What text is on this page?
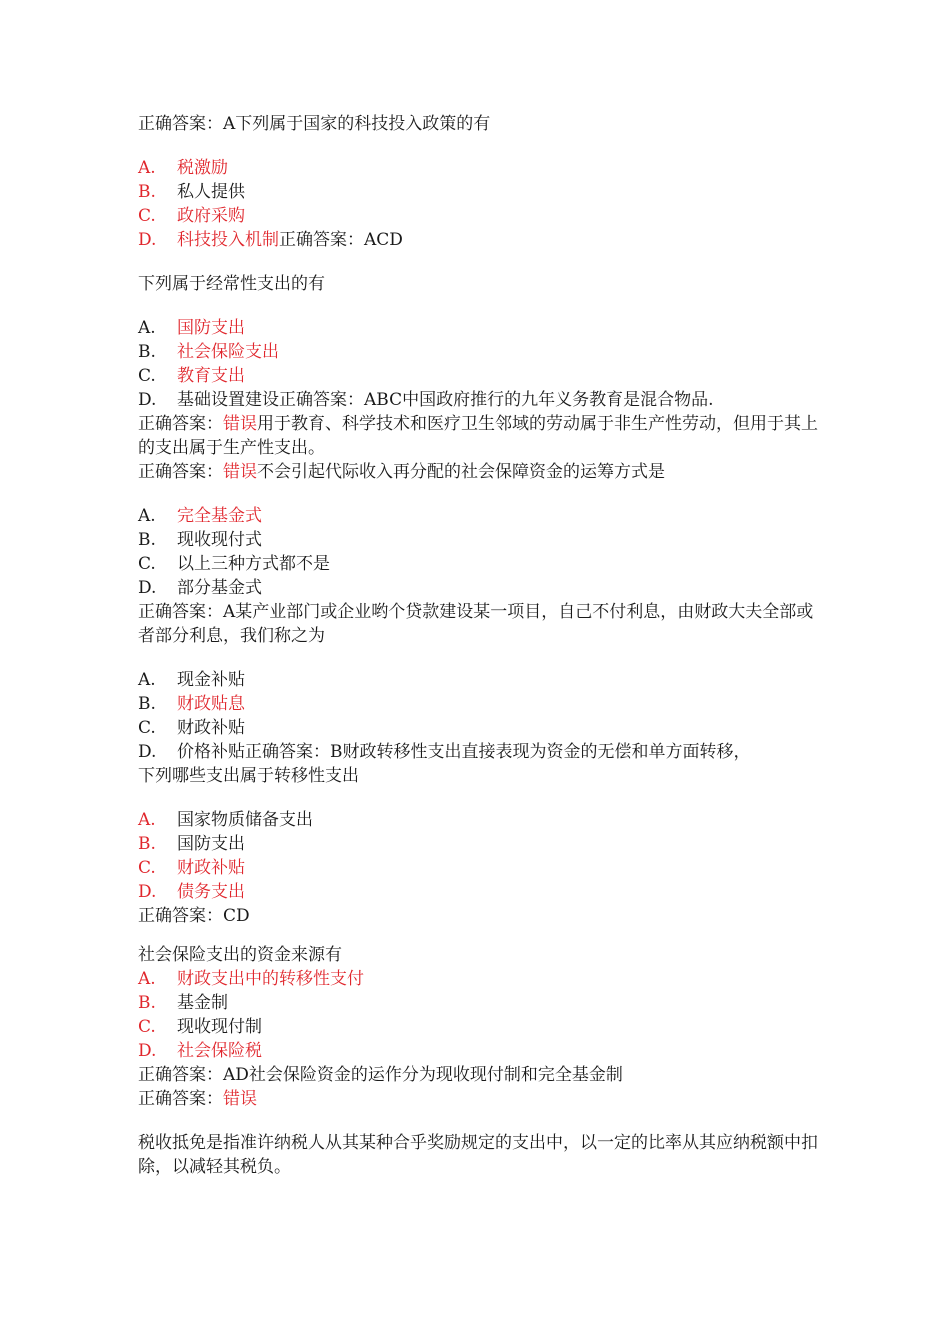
正确答案：A下列属于国家的科技投入政策的有

A.	税激励
B.	私人提供
C.	政府采购
D.	科技投入机制正确答案：ACD

下列属于经常性支出的有

A.	国防支出
B.	社会保险支出
C.	教育支出
D.	基础设置建设正确答案：ABC中国政府推行的九年义务教育是混合物品.

正确答案：错误用于教育、科学技术和医疗卫生邻域的劳动属于非生产性劳动，但用于其上的支出属于生产性支出。

正确答案：错误不会引起代际收入再分配的社会保障资金的运筹方式是

A.	完全基金式
B.	现收现付式
C.	以上三种方式都不是
D.	部分基金式

正确答案：A某产业部门或企业哟个贷款建设某一项目，自己不付利息，由财政大夫全部或者部分利息，我们称之为

A.	现金补贴
B.	财政贴息
C.	财政补贴
D.	价格补贴正确答案：B财政转移性支出直接表现为资金的无偿和单方面转移，

下列哪些支出属于转移性支出

A.	国家物质储备支出
B.	国防支出
C.	财政补贴
D.	债务支出

正确答案：CD

社会保险支出的资金来源有

A.	财政支出中的转移性支付
B.	基金制
C.	现收现付制
D.	社会保险税

正确答案：AD社会保险资金的运作分为现收现付制和完全基金制

正确答案：错误

税收抵免是指准许纳税人从其某种合乎奖励规定的支出中，以一定的比率从其应纳税额中扣除，以减轻其税负。
